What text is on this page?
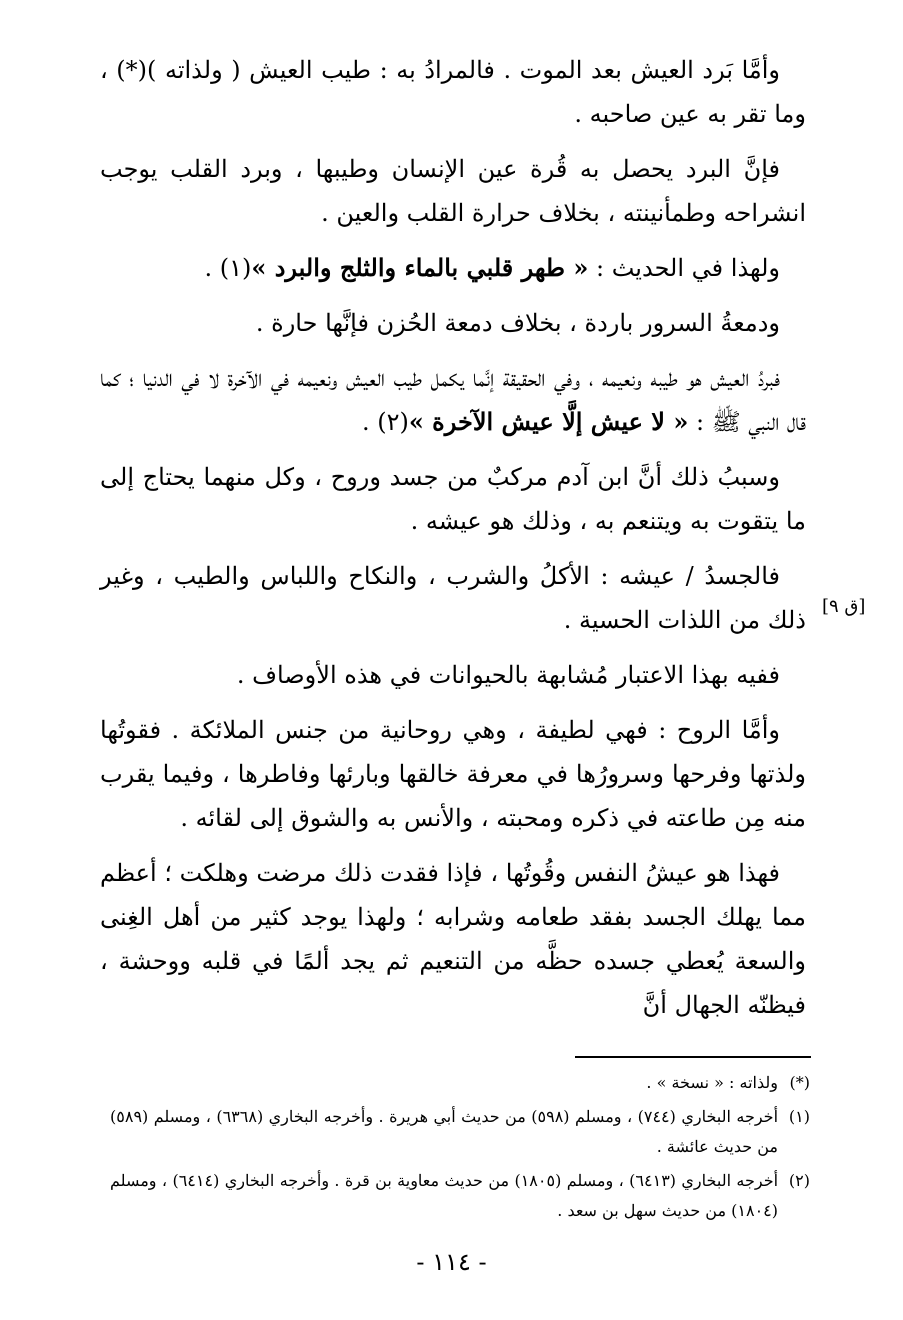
وأمَّا بَرد العيش بعد الموت . فالمرادُ به : طيب العيش ( ولذاته )(*) ، وما تقر به عين صاحبه .

فإنَّ البرد يحصل به قُرة عين الإنسان وطيبها ، وبرد القلب يوجب انشراحه وطمأنينته ، بخلاف حرارة القلب والعين .

ولهذا في الحديث : « طهر قلبي بالماء والثلج والبرد »(١) .

ودمعةُ السرور باردة ، بخلاف دمعة الحُزن فإنَّها حارة .

فبردُ العيش هو طيبه ونعيمه ، وفي الحقيقة إنَّما يكمل طيب العيش ونعيمه في الآخرة لا في الدنيا ؛ كما قال النبي ﷺ : « لا عيش إلَّا عيش الآخرة »(٢) .

وسببُ ذلك أنَّ ابن آدم مركبٌ من جسد وروح ، وكل منهما يحتاج إلى ما يتقوت به ويتنعم به ، وذلك هو عيشه .

فالجسدُ / عيشه : الأكلُ والشرب ، والنكاح واللباس والطيب ، وغير ذلك من اللذات الحسية .

ففيه بهذا الاعتبار مُشابهة بالحيوانات في هذه الأوصاف .

وأمَّا الروح : فهي لطيفة ، وهي روحانية من جنس الملائكة . فقوتُها ولذتها وفرحها وسرورُها في معرفة خالقها وبارئها وفاطرها ، وفيما يقرب منه مِن طاعته في ذكره ومحبته ، والأنس به والشوق إلى لقائه .

فهذا هو عيشُ النفس وقُوتُها ، فإذا فقدت ذلك مرضت وهلكت ؛ أعظم مما يهلك الجسد بفقد طعامه وشرابه ؛ ولهذا يوجد كثير من أهل الغِنى والسعة يُعطي جسده حظَّه من التنعيم ثم يجد ألمًا في قلبه ووحشة ، فيظنّه الجهال أنَّ

[ق ٩]

(*)
ولذاته : « نسخة » .

(١)
أخرجه البخاري (٧٤٤) ، ومسلم (٥٩٨) من حديث أبي هريرة . وأخرجه البخاري (٦٣٦٨) ، ومسلم (٥٨٩) من حديث عائشة .

(٢)
أخرجه البخاري (٦٤١٣) ، ومسلم (١٨٠٥) من حديث معاوية بن قرة . وأخرجه البخاري (٦٤١٤) ، ومسلم (١٨٠٤) من حديث سهل بن سعد .

- ١١٤ -
